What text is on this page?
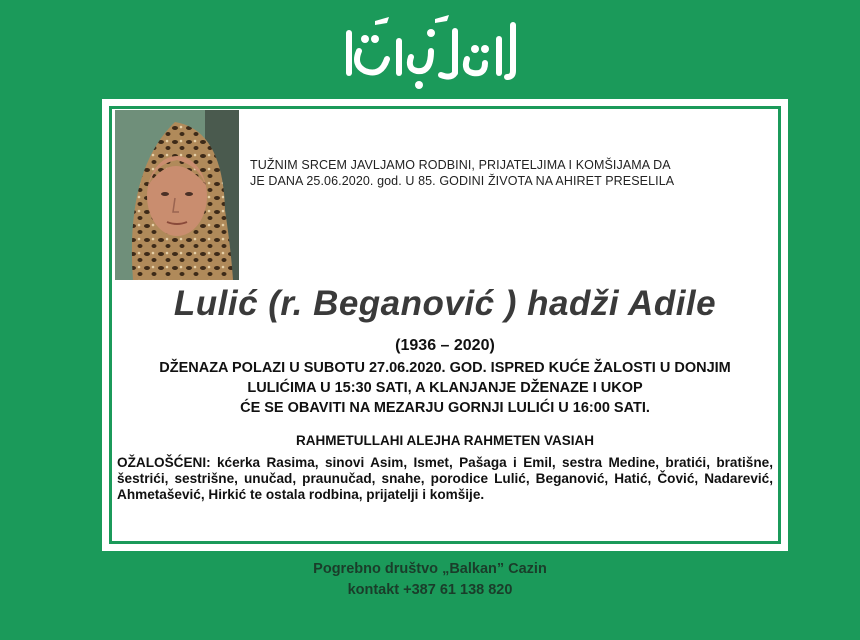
TUŽNIM SRCEM JAVLJAMO RODBINI, PRIJATELJIMA I KOMŠIJAMA DA
JE DANA 25.06.2020. god. U 85. GODINI ŽIVOTA NA AHIRET PRESELILA
Lulić (r. Beganović ) hadži Adile
(1936 – 2020)
DŽENAZA POLAZI U SUBOTU 27.06.2020. GOD. ISPRED KUĆE ŽALOSTI U DONJIM
LULIĆIMA U 15:30 SATI, A KLANJANJE DŽENAZE I UKOP
ĆE SE OBAVITI NA MEZARJU GORNJI LULIĆI U 16:00 SATI.
RAHMETULLAHI ALEJHA RAHMETEN VASIAH
OŽALOŠĆENI: kćerka Rasima, sinovi Asim, Ismet, Pašaga i Emil, sestra Medine, bratići, bratišne, šestrići, sestrišne, unučad, praunučad, snahe, porodice Lulić, Beganović, Hatić, Čović, Nadarević, Ahmetašević, Hirkić te ostala rodbina, prijatelji i komšije.
Pogrebno društvo „Balkan” Cazin
kontakt +387 61 138 820
